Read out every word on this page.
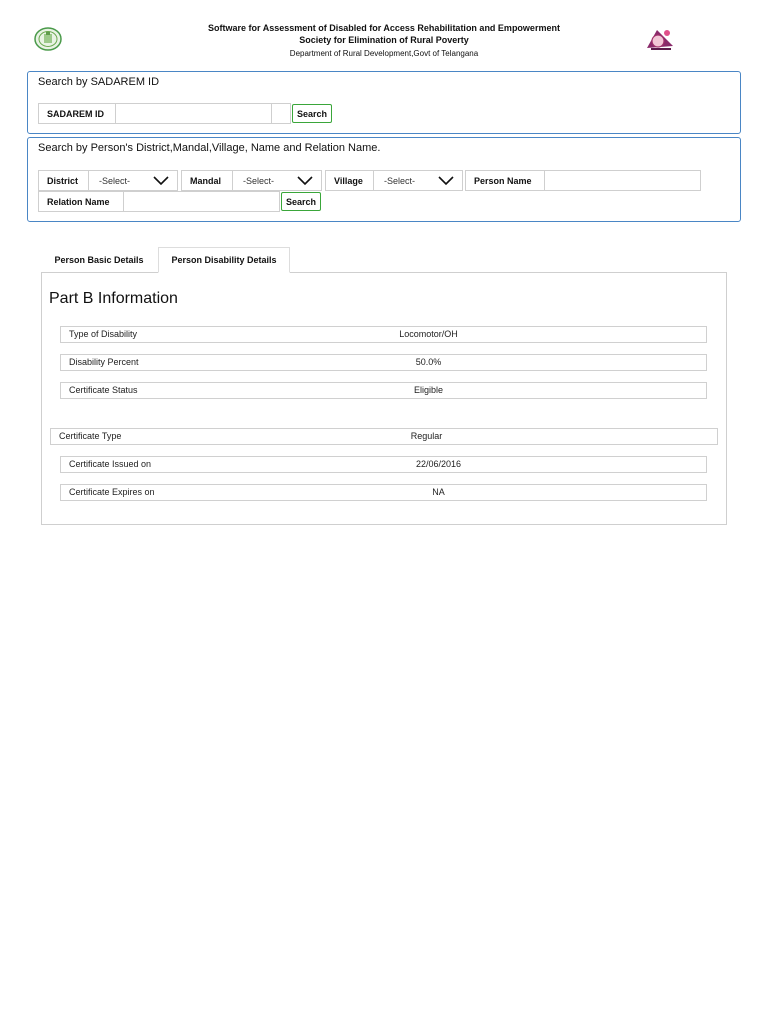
Software for Assessment of Disabled for Access Rehabilitation and Empowerment
Society for Elimination of Rural Poverty
Department of Rural Development,Govt of Telangana
Search by SADAREM ID
SADAREM ID	Search
Search by Person's District,Mandal,Village, Name and Relation Name.
District	-Select-	Mandal	-Select-	Village	-Select-	Person Name
Relation Name	Search
Person Basic Details	Person Disability Details
Part B Information
Type of Disability	Locomotor/OH
Disability Percent	50.0%
Certificate Status	Eligible
Certificate Type	Regular
Certificate Issued on	22/06/2016
Certificate Expires on	NA
